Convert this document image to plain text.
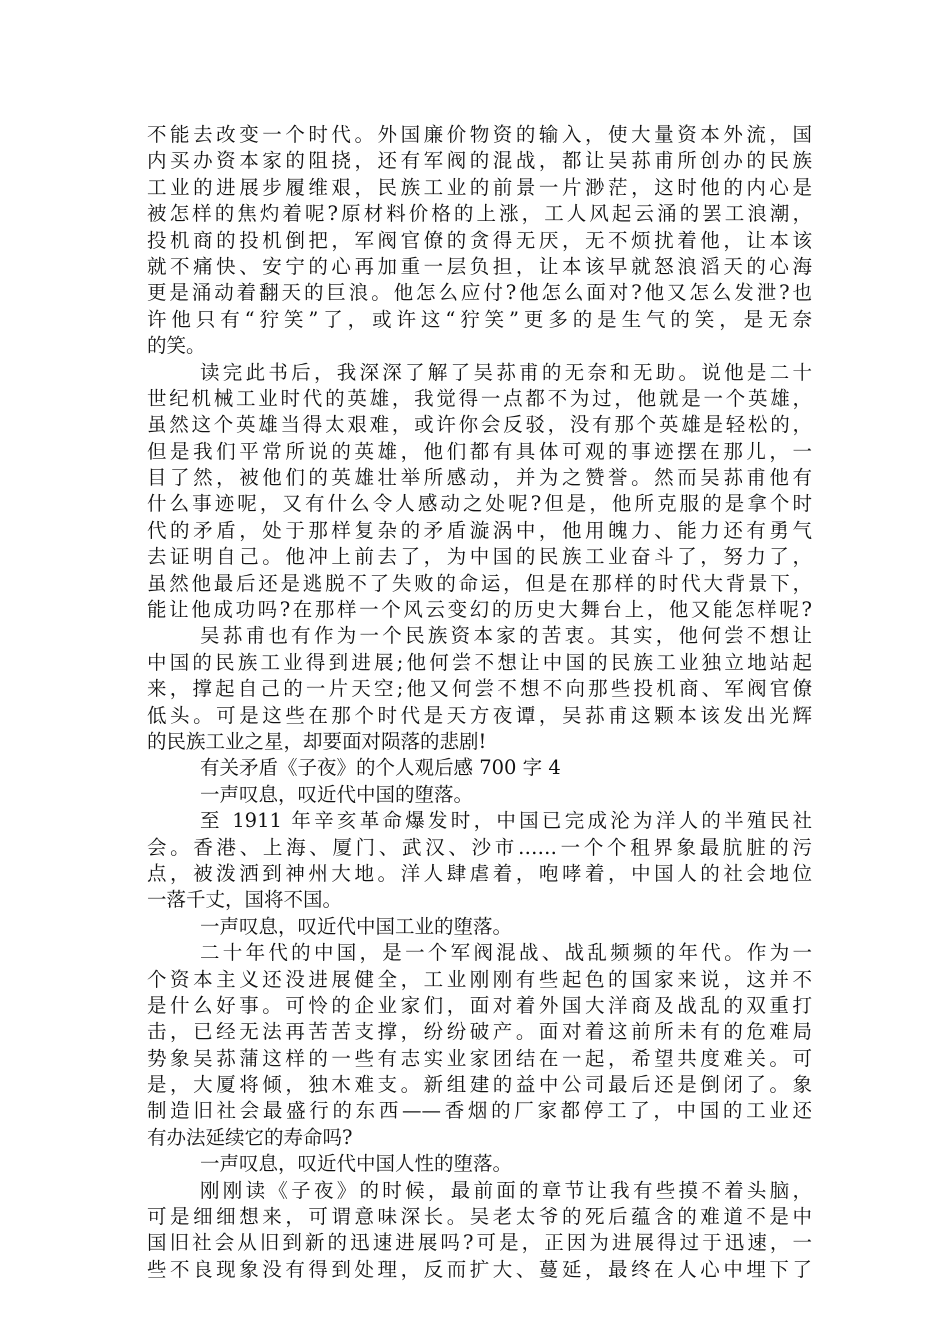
不能去改变一个时代。外国廉价物资的输入，使大量资本外流，国
内买办资本家的阻挠，还有军阀的混战，都让吴荪甫所创办的民族
工业的进展步履维艰，民族工业的前景一片渺茫，这时他的内心是
被怎样的焦灼着呢?原材料价格的上涨，工人风起云涌的罢工浪潮，
投机商的投机倒把，军阀官僚的贪得无厌，无不烦扰着他，让本该
就不痛快、安宁的心再加重一层负担，让本该早就怒浪滔天的心海
更是涌动着翻天的巨浪。他怎么应付?他怎么面对?他又怎么发泄?也
许他只有“狞笑”了，或许这“狞笑”更多的是生气的笑，是无奈
的笑。
读完此书后，我深深了解了吴荪甫的无奈和无助。说他是二十
世纪机械工业时代的英雄，我觉得一点都不为过，他就是一个英雄，
虽然这个英雄当得太艰难，或许你会反驳，没有那个英雄是轻松的，
但是我们平常所说的英雄，他们都有具体可观的事迹摆在那儿，一
目了然，被他们的英雄壮举所感动，并为之赞誉。然而吴荪甫他有
什么事迹呢，又有什么令人感动之处呢?但是，他所克服的是拿个时
代的矛盾，处于那样复杂的矛盾漩涡中，他用魄力、能力还有勇气
去证明自己。他冲上前去了，为中国的民族工业奋斗了，努力了，
虽然他最后还是逃脱不了失败的命运，但是在那样的时代大背景下，
能让他成功吗?在那样一个风云变幻的历史大舞台上，他又能怎样呢?
吴荪甫也有作为一个民族资本家的苦衷。其实，他何尝不想让
中国的民族工业得到进展;他何尝不想让中国的民族工业独立地站起
来，撑起自己的一片天空;他又何尝不想不向那些投机商、军阀官僚
低头。可是这些在那个时代是天方夜谭，吴荪甫这颗本该发出光辉
的民族工业之星，却要面对陨落的悲剧!
有关矛盾《子夜》的个人观后感 700 字 4
一声叹息，叹近代中国的堕落。
至 1911 年辛亥革命爆发时，中国已完成沦为洋人的半殖民社
会。香港、上海、厦门、武汉、沙市……一个个租界象最肮脏的污
点，被泼洒到神州大地。洋人肆虐着，咆哮着，中国人的社会地位
一落千丈，国将不国。
一声叹息，叹近代中国工业的堕落。
二十年代的中国，是一个军阀混战、战乱频频的年代。作为一
个资本主义还没进展健全，工业刚刚有些起色的国家来说，这并不
是什么好事。可怜的企业家们，面对着外国大洋商及战乱的双重打
击，已经无法再苦苦支撑，纷纷破产。面对着这前所未有的危难局
势象吴荪蒲这样的一些有志实业家团结在一起，希望共度难关。可
是，大厦将倾，独木难支。新组建的益中公司最后还是倒闭了。象
制造旧社会最盛行的东西——香烟的厂家都停工了，中国的工业还
有办法延续它的寿命吗?
一声叹息，叹近代中国人性的堕落。
刚刚读《子夜》的时候，最前面的章节让我有些摸不着头脑，
可是细细想来，可谓意味深长。吴老太爷的死后蕴含的难道不是中
国旧社会从旧到新的迅速进展吗?可是，正因为进展得过于迅速，一
些不良现象没有得到处理，反而扩大、蔓延，最终在人心中埋下了
